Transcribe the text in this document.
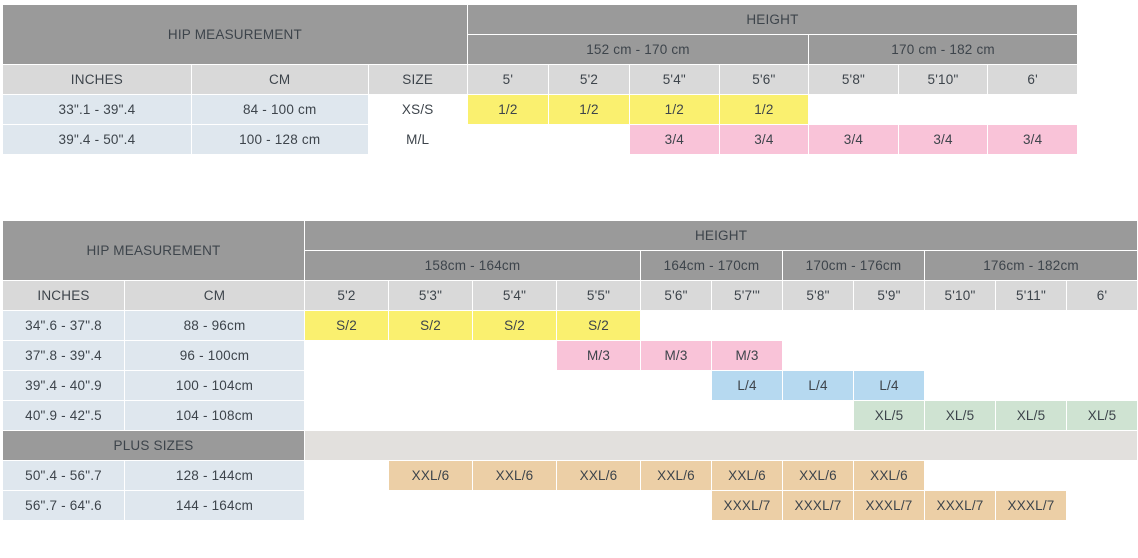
HIP MEASUREMENT			HEIGHT						
			152 cm - 170 cm				170 cm - 182 cm		
INCHES	CM	SIZE	5'	5'2	5'4"	5'6"	5'8"	5'10"	6'
33".1 - 39".4	84 - 100 cm	XS/S	1/2	1/2	1/2	1/2			
39".4 - 50".4	100 - 128 cm	M/L			3/4	3/4	3/4	3/4	3/4
HIP MEASUREMENT		HEIGHT										
		158cm - 164cm				164cm - 170cm		170cm - 176cm		176cm - 182cm		
INCHES	CM	5'2	5'3"	5'4"	5'5"	5'6"	5'7'"	5'8"	5'9"	5'10"	5'11"	6'
34".6 - 37".8	88 - 96cm	S/2	S/2	S/2	S/2							
37".8 - 39".4	96 - 100cm				M/3	M/3	M/3					
39".4 - 40".9	100 - 104cm						L/4	L/4	L/4			
40".9 - 42".5	104 - 108cm								XL/5	XL/5	XL/5	XL/5
PLUS SIZES												
50".4 - 56".7	128 - 144cm		XXL/6	XXL/6	XXL/6	XXL/6	XXL/6	XXL/6	XXL/6			
56".7 - 64".6	144 - 164cm						XXXL/7	XXXL/7	XXXL/7	XXXL/7	XXXL/7	
